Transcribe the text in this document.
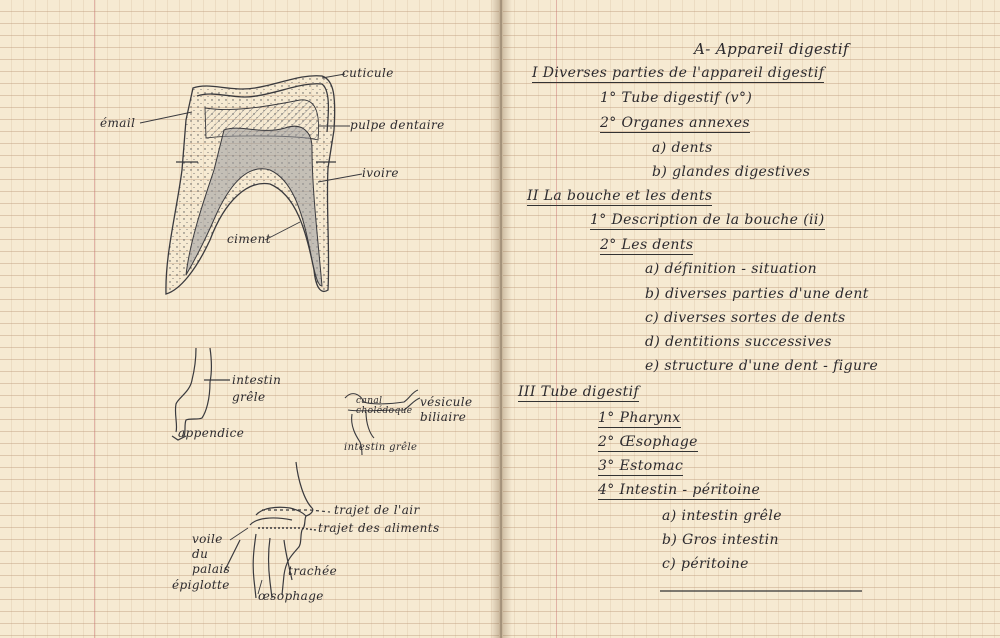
cuticule
émail	pulpe dentaire
ivoire
ciment
intestin grêle
appendice
canal cholédoque
vésicule biliaire
intestin grêle
trajet de l'air
trajet des aliments
voile du palais
épiglotte
trachée
œsophage
A- Appareil digestif
I Diverses parties de l'appareil digestif
1° Tube digestif (v°)
2° Organes annexes
a) dents
b) glandes digestives
II La bouche et les dents
1° Description de la bouche (ii)
2° Les dents
a) définition - situation
b) diverses parties d'une dent
c) diverses sortes de dents
d) dentitions successives
e) structure d'une dent - figure
III Tube digestif
1° Pharynx
2° Œsophage
3° Estomac
4° Intestin - péritoine
a) intestin grêle
b) Gros intestin
c) péritoine
